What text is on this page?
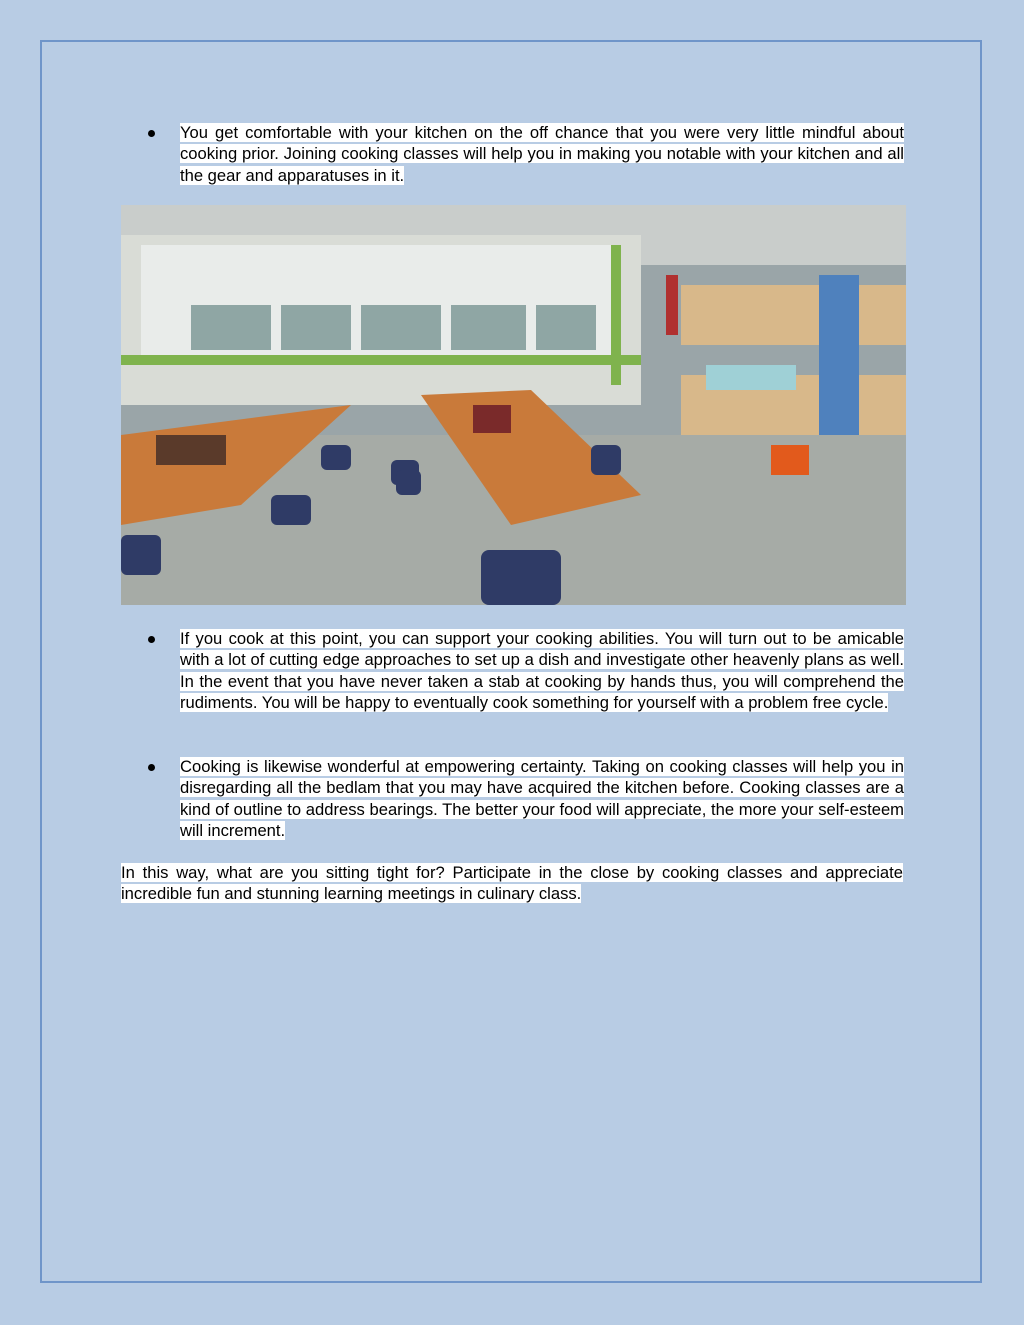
You get comfortable with your kitchen on the off chance that you were very little mindful about cooking prior. Joining cooking classes will help you in making you notable with your kitchen and all the gear and apparatuses in it.
If you cook at this point, you can support your cooking abilities. You will turn out to be amicable with a lot of cutting edge approaches to set up a dish and investigate other heavenly plans as well. In the event that you have never taken a stab at cooking by hands thus, you will comprehend the rudiments. You will be happy to eventually cook something for yourself with a problem free cycle.
Cooking is likewise wonderful at empowering certainty. Taking on cooking classes will help you in disregarding all the bedlam that you may have acquired the kitchen before. Cooking classes are a kind of outline to address bearings. The better your food will appreciate, the more your self-esteem will increment.
In this way, what are you sitting tight for? Participate in the close by cooking classes and appreciate incredible fun and stunning learning meetings in culinary class.
